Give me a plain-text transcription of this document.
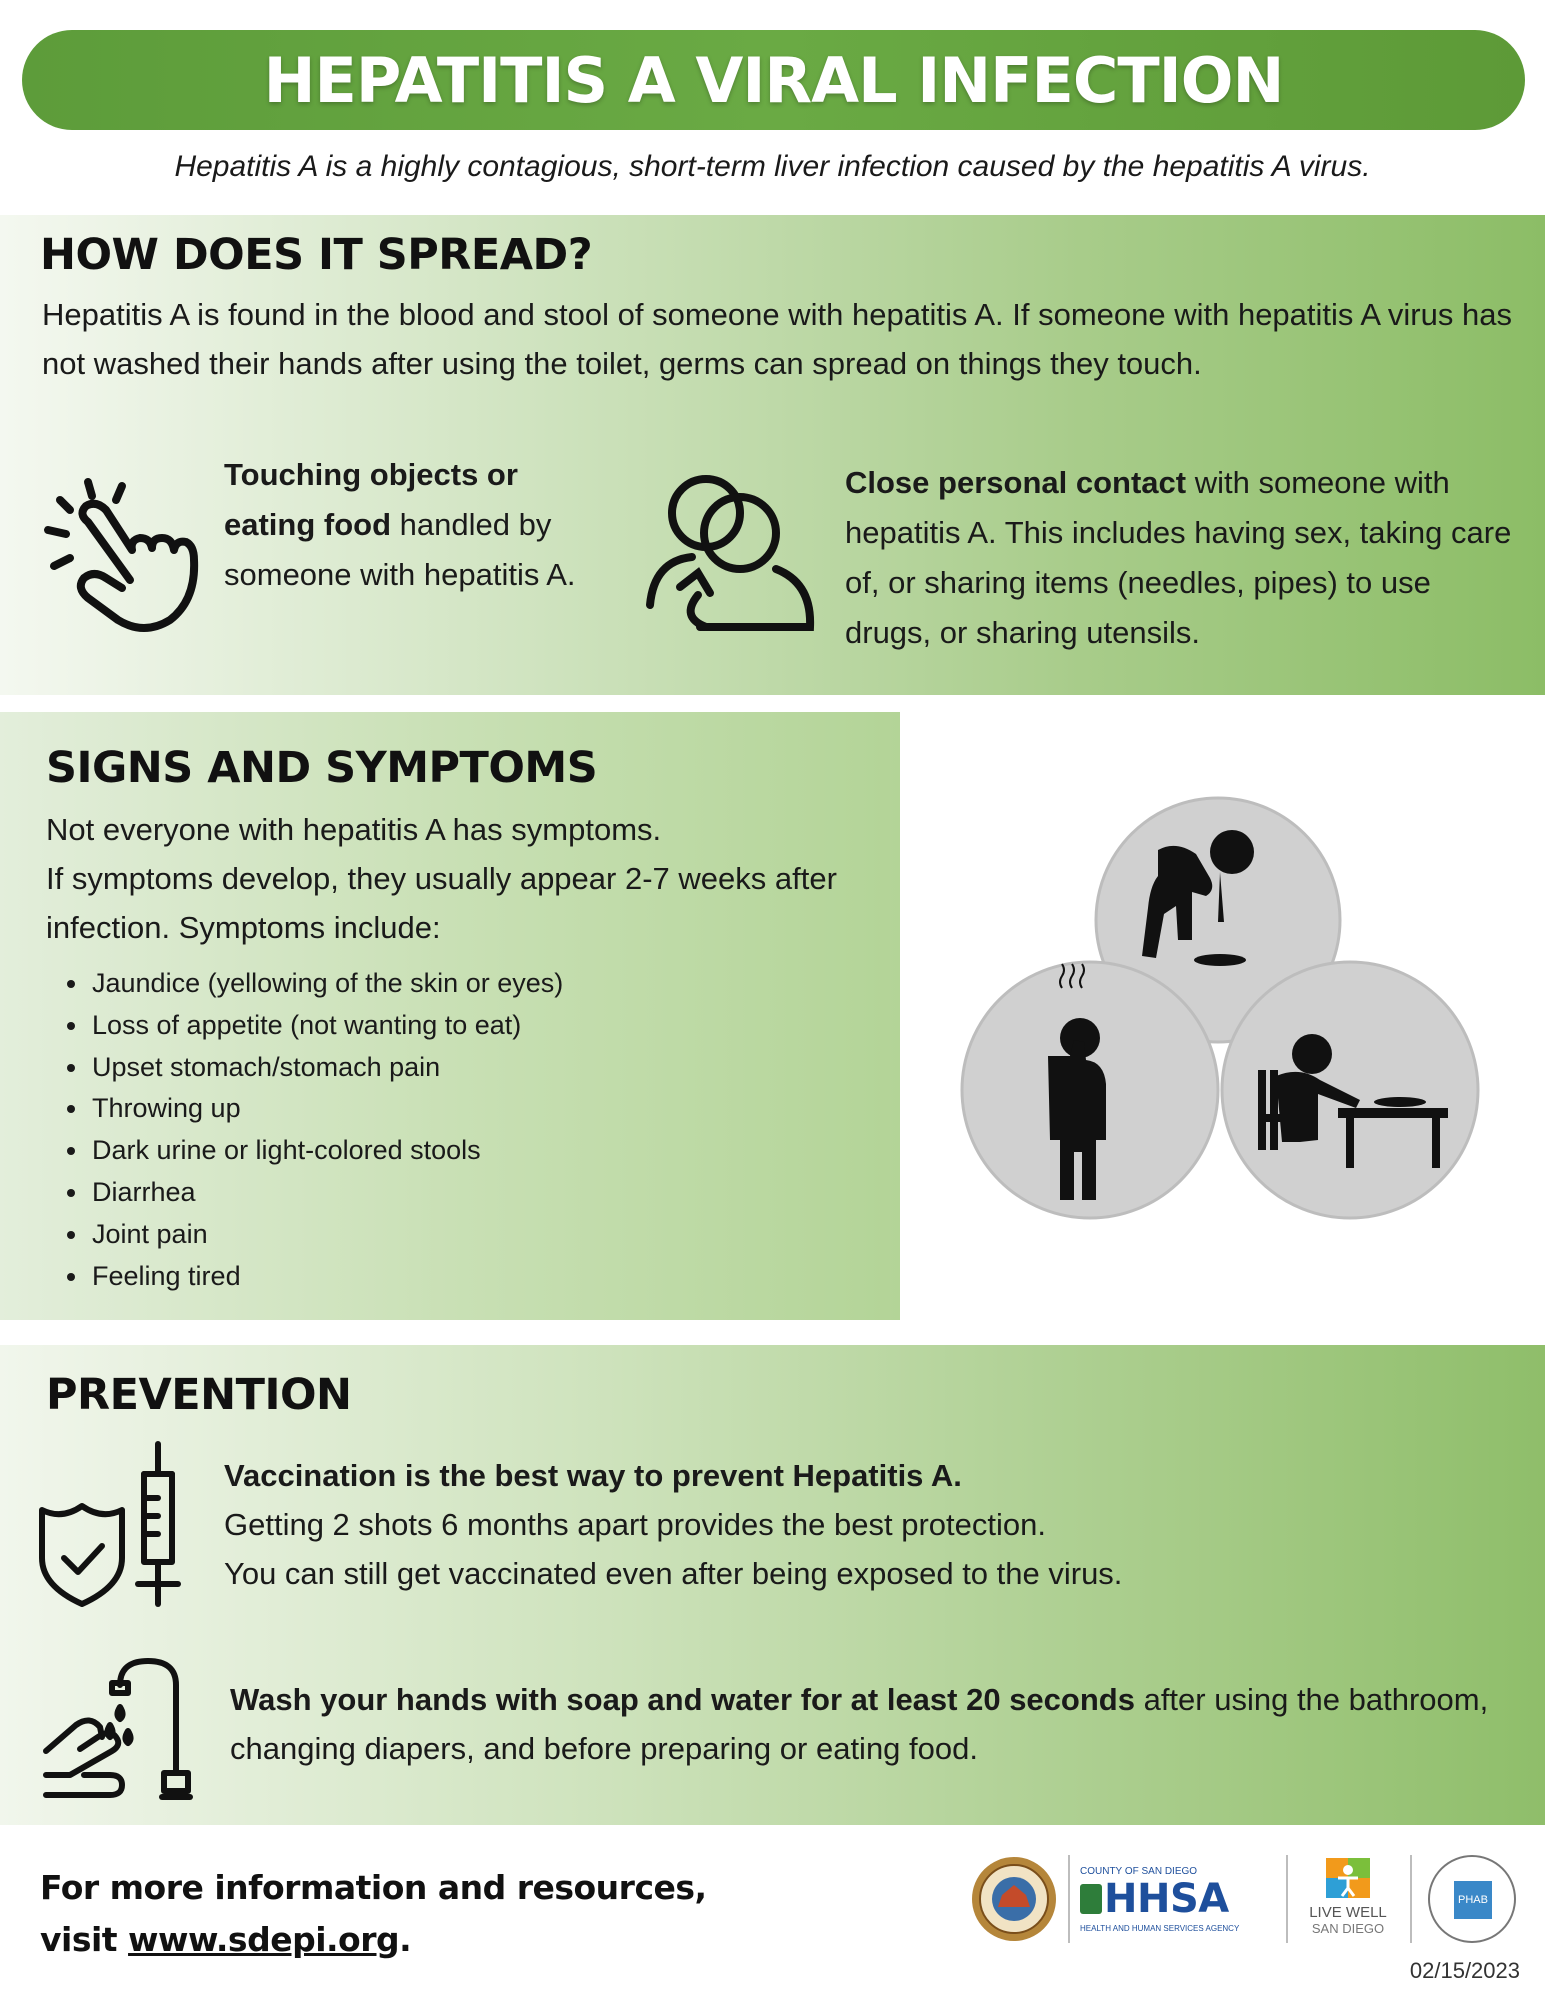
HEPATITIS A VIRAL INFECTION

Hepatitis A is a highly contagious, short-term liver infection caused by the hepatitis A virus.

HOW DOES IT SPREAD?

Hepatitis A is found in the blood and stool of someone with hepatitis A. If someone with hepatitis A virus has not washed their hands after using the toilet, germs can spread on things they touch.

Touching objects or eating food handled by someone with hepatitis A.

Close personal contact with someone with hepatitis A. This includes having sex, taking care of, or sharing items (needles, pipes) to use drugs, or sharing utensils.

SIGNS AND SYMPTOMS

Not everyone with hepatitis A has symptoms.

If symptoms develop, they usually appear 2-7 weeks after infection. Symptoms include:

• Jaundice (yellowing of the skin or eyes)
• Loss of appetite (not wanting to eat)
• Upset stomach/stomach pain
• Throwing up
• Dark urine or light-colored stools
• Diarrhea
• Joint pain
• Feeling tired
PREVENTION

Vaccination is the best way to prevent Hepatitis A.

Getting 2 shots 6 months apart provides the best protection.

You can still get vaccinated even after being exposed to the virus.

Wash your hands with soap and water for at least 20 seconds after using the bathroom, changing diapers, and before preparing or eating food.

For more information and resources,

visit www.sdepi.org.

COUNTY OF SAN DIEGO
HHSA
HEALTH AND HUMAN SERVICES AGENCY
LIVE WELL
SAN DIEGO
PHAB
02/15/2023
